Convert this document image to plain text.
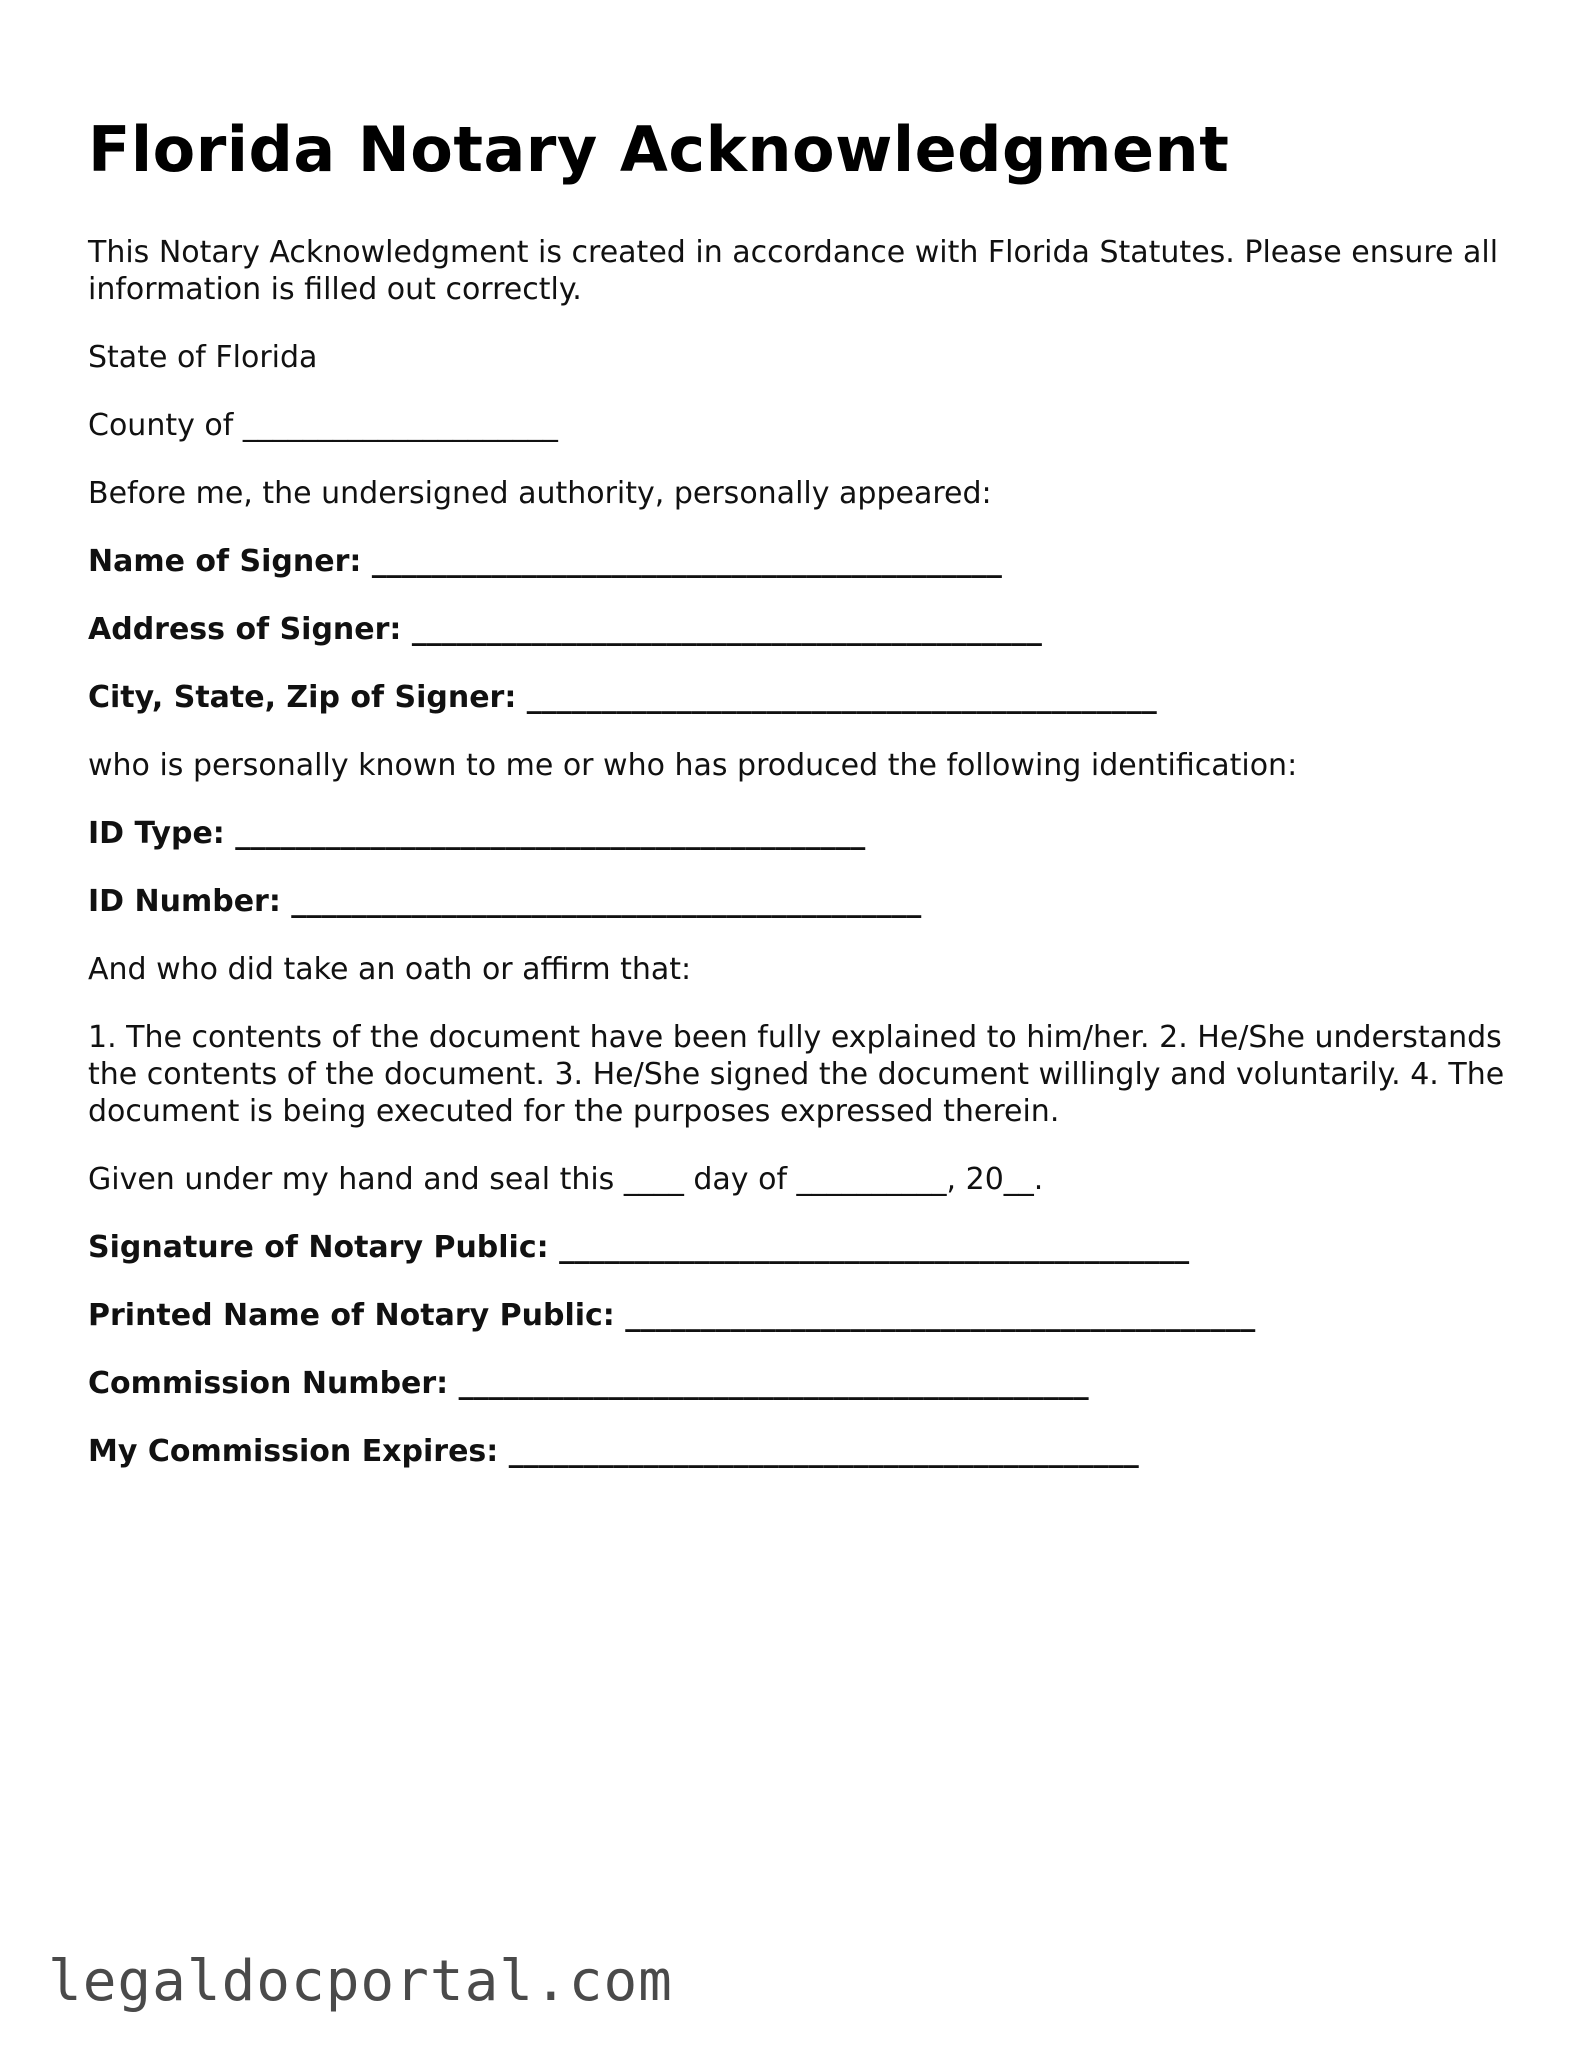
Florida Notary Acknowledgment
This Notary Acknowledgment is created in accordance with Florida Statutes. Please ensure all information is filled out correctly.
State of Florida
County of _____________________
Before me, the undersigned authority, personally appeared:
Name of Signer: __________________________________________
Address of Signer: __________________________________________
City, State, Zip of Signer: __________________________________________
who is personally known to me or who has produced the following identification:
ID Type: __________________________________________
ID Number: __________________________________________
And who did take an oath or affirm that:
1. The contents of the document have been fully explained to him/her. 2. He/She understands the contents of the document. 3. He/She signed the document willingly and voluntarily. 4. The document is being executed for the purposes expressed therein.
Given under my hand and seal this ____ day of __________, 20__.
Signature of Notary Public: __________________________________________
Printed Name of Notary Public: __________________________________________
Commission Number: __________________________________________
My Commission Expires: __________________________________________
legaldocportal.com
